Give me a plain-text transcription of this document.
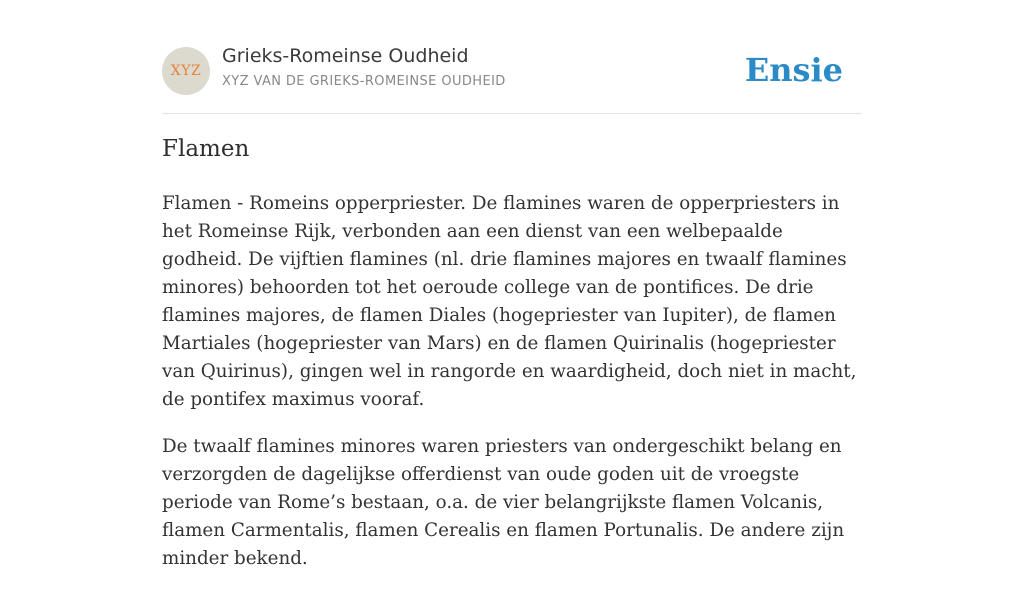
XYZ
Grieks-Romeinse Oudheid
XYZ VAN DE GRIEKS-ROMEINSE OUDHEID	Ensie
Flamen

Flamen - Romeins opperpriester. De flamines waren de opperpriesters in het Romeinse Rijk, verbonden aan een dienst van een welbepaalde godheid. De vijftien flamines (nl. drie flamines majores en twaalf flamines minores) behoorden tot het oeroude college van de pontifices. De drie flamines majores, de flamen Diales (hogepriester van Iupiter), de flamen Martiales (hogepriester van Mars) en de flamen Quirinalis (hogepriester van Quirinus), gingen wel in rangorde en waardigheid, doch niet in macht, de pontifex maximus vooraf.

De twaalf flamines minores waren priesters van ondergeschikt belang en verzorgden de dagelijkse offerdienst van oude goden uit de vroegste periode van Rome’s bestaan, o.a. de vier belangrijkste flamen Volcanis, flamen Carmentalis, flamen Cerealis en flamen Portunalis. De andere zijn minder bekend.
